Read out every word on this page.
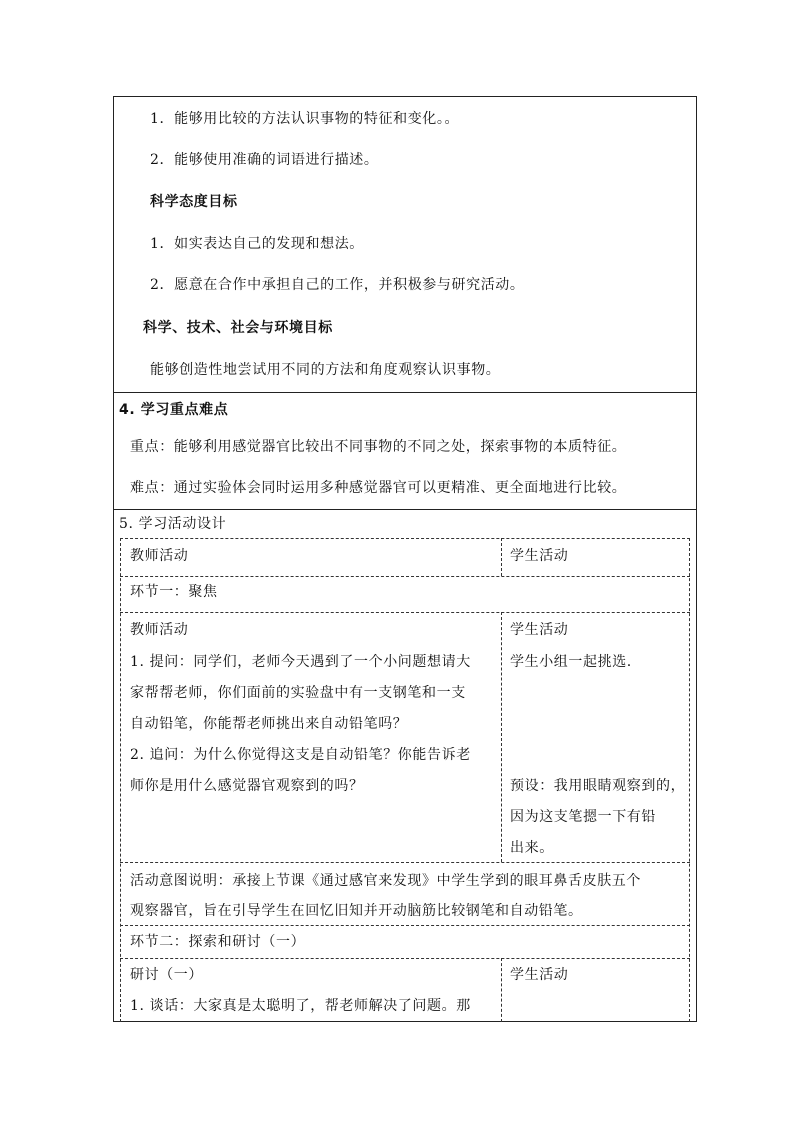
1．能够用比较的方法认识事物的特征和变化。。
2．能够使用准确的词语进行描述。
科学态度目标
1．如实表达自己的发现和想法。
2．愿意在合作中承担自己的工作，并积极参与研究活动。
科学、技术、社会与环境目标
能够创造性地尝试用不同的方法和角度观察认识事物。
4. 学习重点难点
重点：能够利用感觉器官比较出不同事物的不同之处，探索事物的本质特征。
难点：通过实验体会同时运用多种感觉器官可以更精准、更全面地进行比较。
5. 学习活动设计
教师活动	学生活动
环节一：聚焦
教师活动
1. 提问：同学们，老师今天遇到了一个小问题想请大
家帮帮老师，你们面前的实验盘中有一支钢笔和一支
自动铅笔，你能帮老师挑出来自动铅笔吗？
2. 追问：为什么你觉得这支是自动铅笔？你能告诉老
师你是用什么感觉器官观察到的吗？
学生活动
学生小组一起挑选.
预设：我用眼睛观察到的，
因为这支笔摁一下有铅
出来。
活动意图说明：承接上节课《通过感官来发现》中学生学到的眼耳鼻舌皮肤五个
观察器官，旨在引导学生在回忆旧知并开动脑筋比较钢笔和自动铅笔。
环节二：探索和研讨（一）
研讨（一）
1. 谈话：大家真是太聪明了，帮老师解决了问题。那
学生活动
